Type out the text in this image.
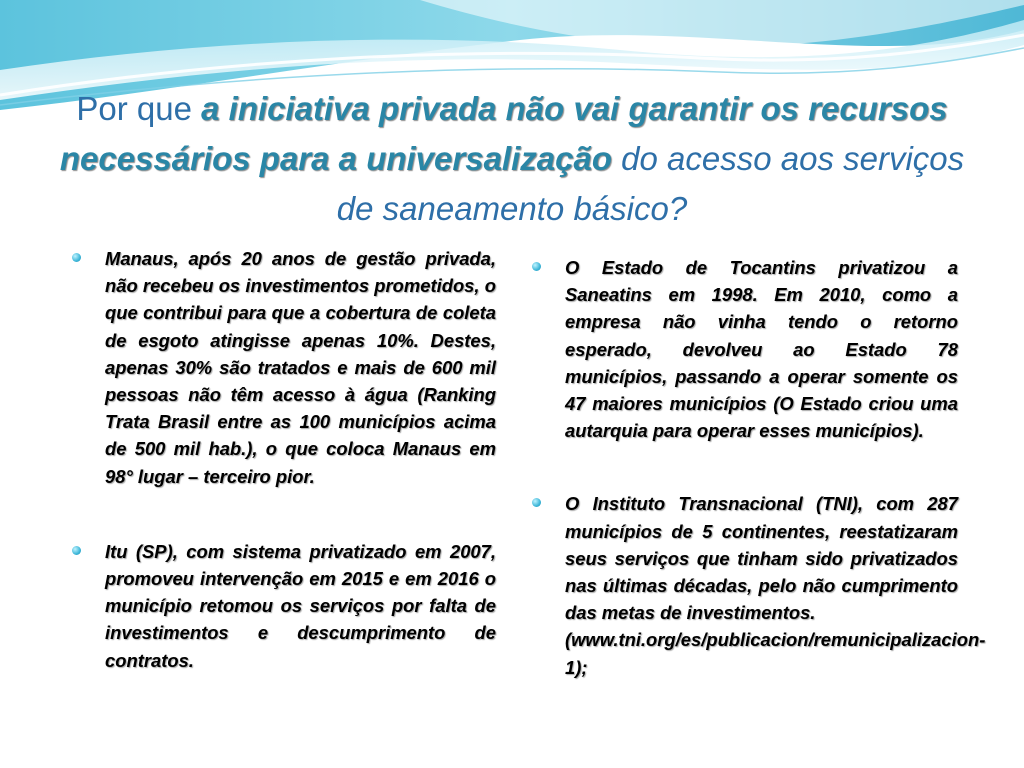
Por que a iniciativa privada não vai garantir os recursos necessários para a universalização do acesso aos serviços de saneamento básico?
Manaus, após 20 anos de gestão privada, não recebeu os investimentos prometidos, o que contribui para que a cobertura de coleta de esgoto atingisse apenas 10%. Destes, apenas 30% são tratados e mais de 600 mil pessoas não têm acesso à água (Ranking Trata Brasil entre as 100 municípios acima de 500 mil hab.), o que coloca Manaus em 98° lugar – terceiro pior.
Itu (SP), com sistema privatizado em 2007, promoveu intervenção em 2015 e em 2016 o município retomou os serviços por falta de investimentos e descumprimento de contratos.
O Estado de Tocantins privatizou a Saneatins em 1998. Em 2010, como a empresa não vinha tendo o retorno esperado, devolveu ao Estado 78 municípios, passando a operar somente os 47 maiores municípios (O Estado criou uma autarquia para operar esses municípios).
O Instituto Transnacional (TNI), com 287 municípios de 5 continentes, reestatizaram seus serviços que tinham sido privatizados nas últimas décadas, pelo não cumprimento das metas de investimentos.
(www.tni.org/es/publicacion/remunicipalizacion-1);
